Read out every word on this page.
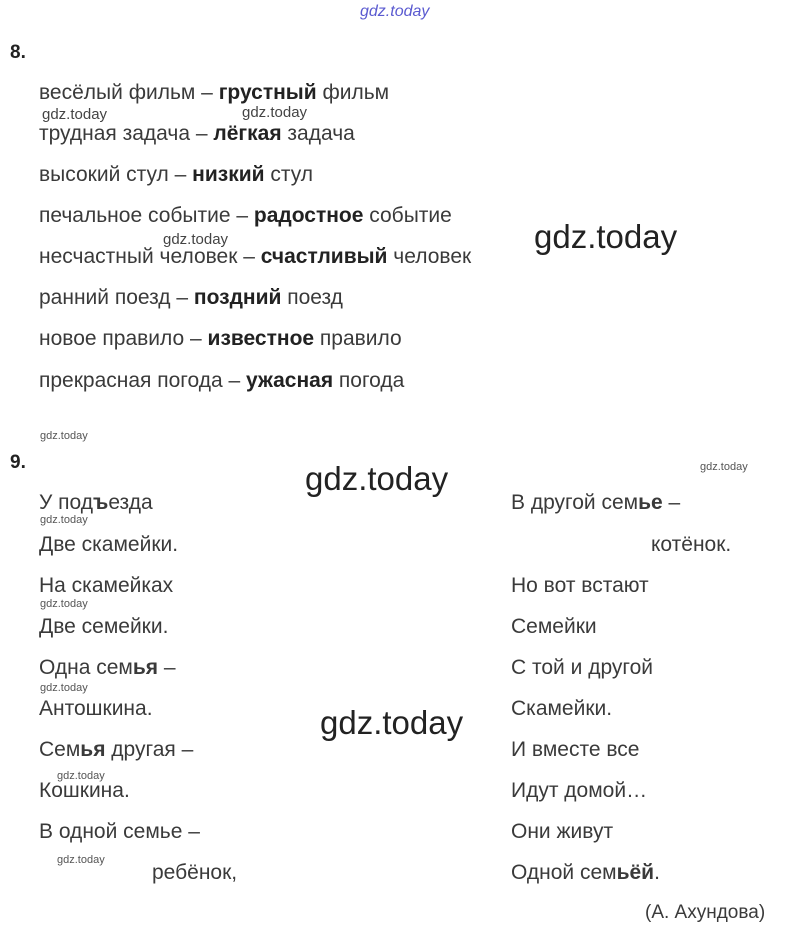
gdz.today
8.
весёлый фильм – грустный фильм
трудная задача – лёгкая задача
высокий стул – низкий стул
печальное событие – радостное событие
несчастный человек – счастливый человек
ранний поезд – поздний поезд
новое правило – известное правило
прекрасная погода – ужасная погода
gdz.today	gdz.today
gdz.today	gdz.today
gdz.today
9.	gdz.today	gdz.today
gdz.today
У подъезда
Две скамейки.
На скамейках
Две семейки.
Одна семья –
Антошкина.
Семья другая –
Кошкина.
В одной семье –
ребёнок,
gdz.today
gdz.today
gdz.today
gdz.today
gdz.today
В другой семье –
котёнок.
Но вот встают
Семейки
С той и другой
Скамейки.
И вместе все
Идут домой…
Они живут
Одной семьёй.
(А. Ахундова)
